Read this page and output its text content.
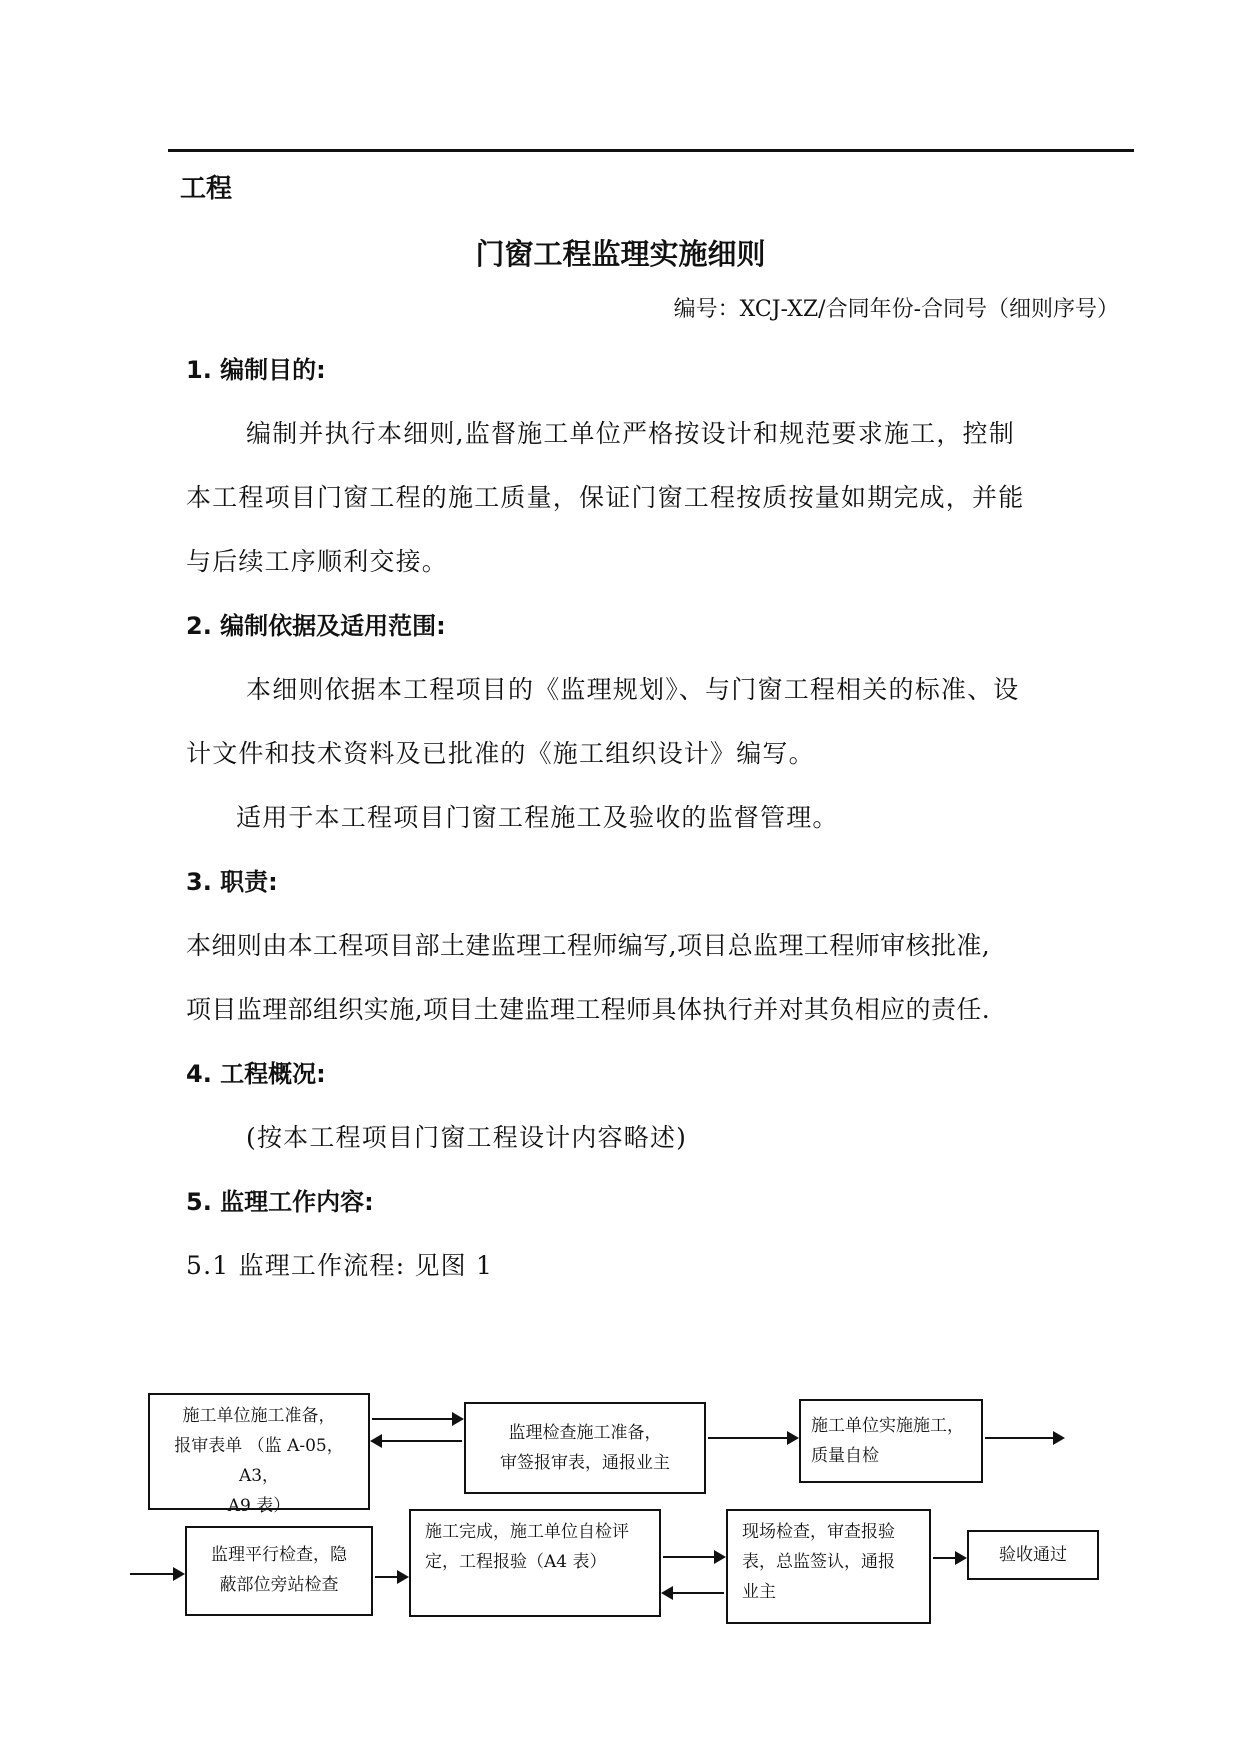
工程
门窗工程监理实施细则
编号：XCJ-XZ/合同年份-合同号（细则序号）
1. 编制目的:
编制并执行本细则,监督施工单位严格按设计和规范要求施工，控制
本工程项目门窗工程的施工质量，保证门窗工程按质按量如期完成，并能
与后续工序顺利交接。
2. 编制依据及适用范围:
本细则依据本工程项目的《监理规划》、与门窗工程相关的标准、设
计文件和技术资料及已批准的《施工组织设计》编写。
适用于本工程项目门窗工程施工及验收的监督管理。
3. 职责:
本细则由本工程项目部土建监理工程师编写,项目总监理工程师审核批准,
项目监理部组织实施,项目土建监理工程师具体执行并对其负相应的责任.
4. 工程概况:
(按本工程项目门窗工程设计内容略述)
5. 监理工作内容:
5.1 监理工作流程: 见图 1
施工单位施工准备，
报审表单 （监 A-05，A3，
A9 表）
监理检查施工准备，
审签报审表，通报业主
施工单位实施施工，
质量自检
监理平行检查，隐
蔽部位旁站检查
施工完成，施工单位自检评
定，工程报验（A4 表）
现场检查，审查报验
表，总监签认，通报
业主
验收通过
